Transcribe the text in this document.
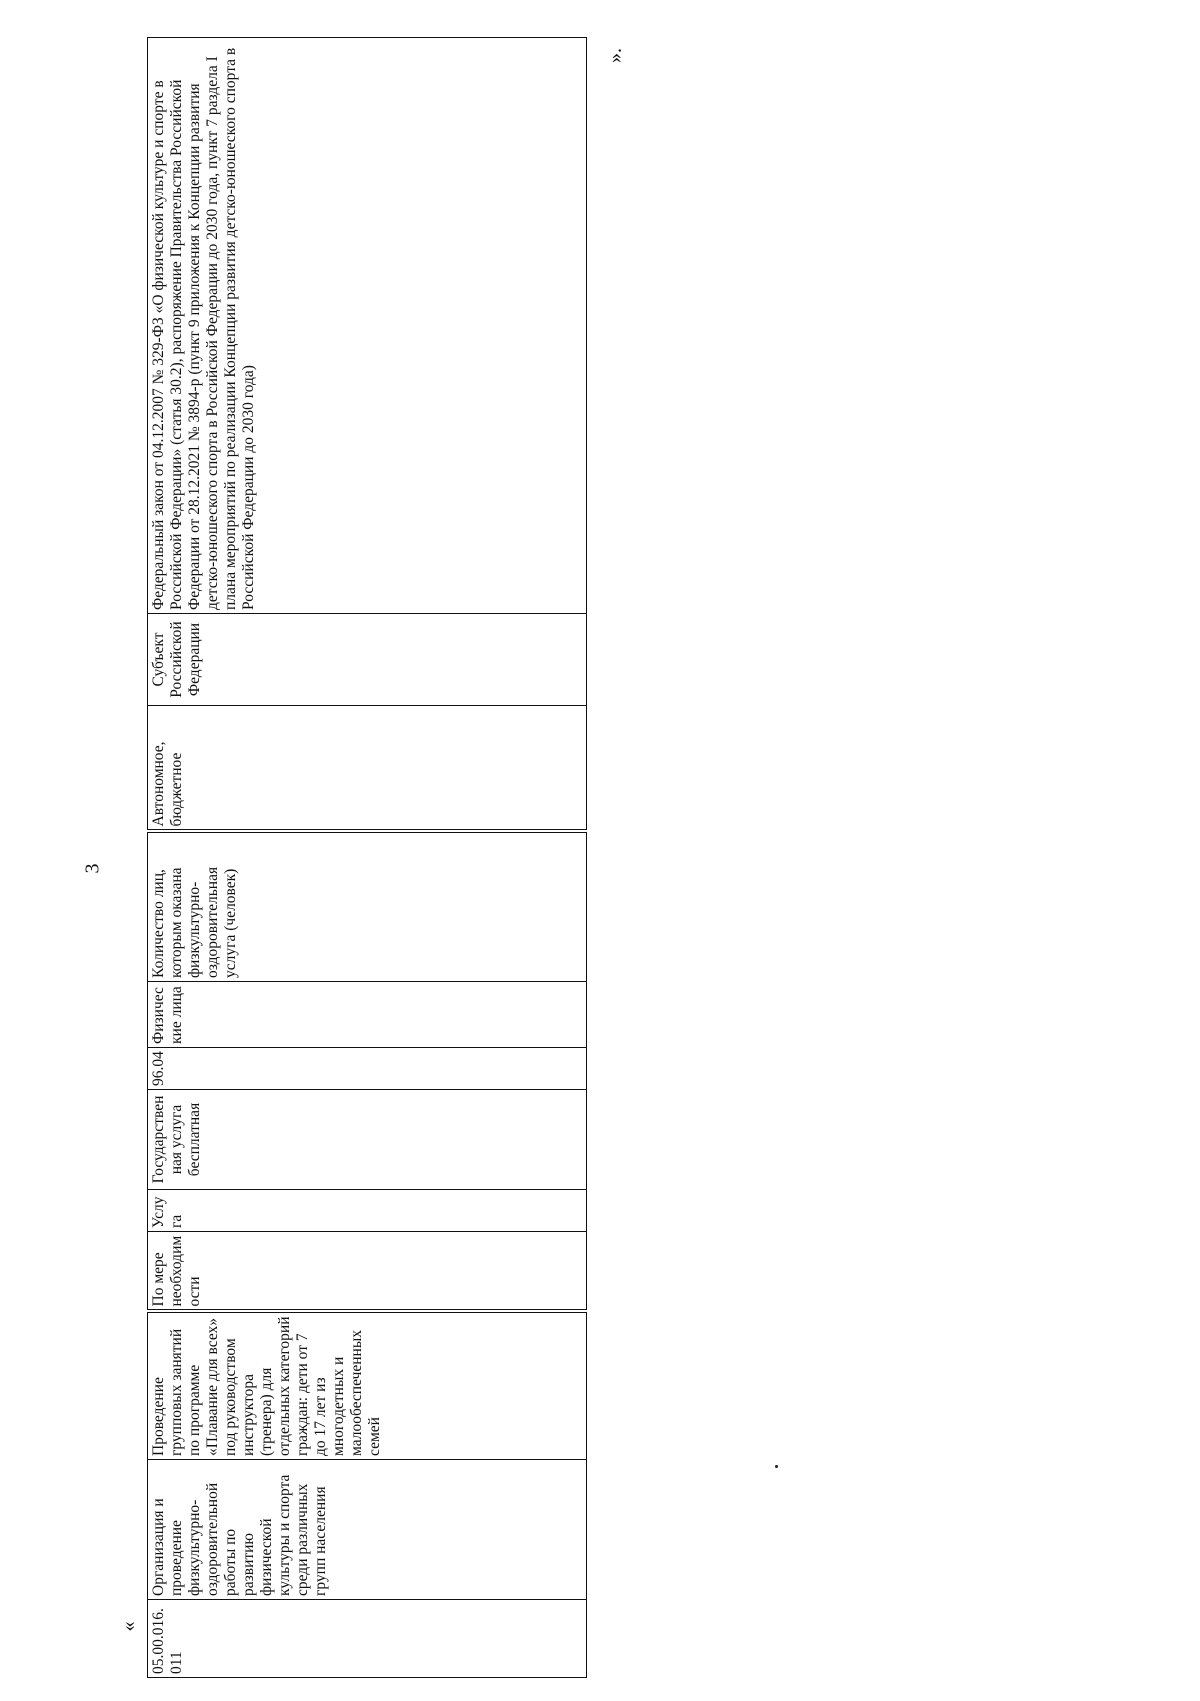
3
«
».
05.00.016.011	Организация и проведение физкультурно-оздоровительной работы по развитию физической культуры и спорта среди различных групп населения	Проведение групповых занятий по программе «Плавание для всех» под руководством инструктора (тренера) для отдельных категорий граждан: дети от 7 до 17 лет из многодетных и малообеспеченных семей	По мере необходимости	Услуга	Государственная услуга бесплатная	96.04	Физические лица	Количество лиц, которым оказана физкультурно-оздоровительная услуга (человек)	Автономное, бюджетное	Субъект Российской Федерации	Федеральный закон от 04.12.2007 № 329-ФЗ «О физической культуре и спорте в Российской Федерации» (статья 30.2), распоряжение Правительства Российской Федерации от 28.12.2021 № 3894-р (пункт 9 приложения к Концепции развития детско-юношеского спорта в Российской Федерации до 2030 года, пункт 7 раздела I плана мероприятий по реализации Концепции развития детско-юношеского спорта в Российской Федерации до 2030 года)
